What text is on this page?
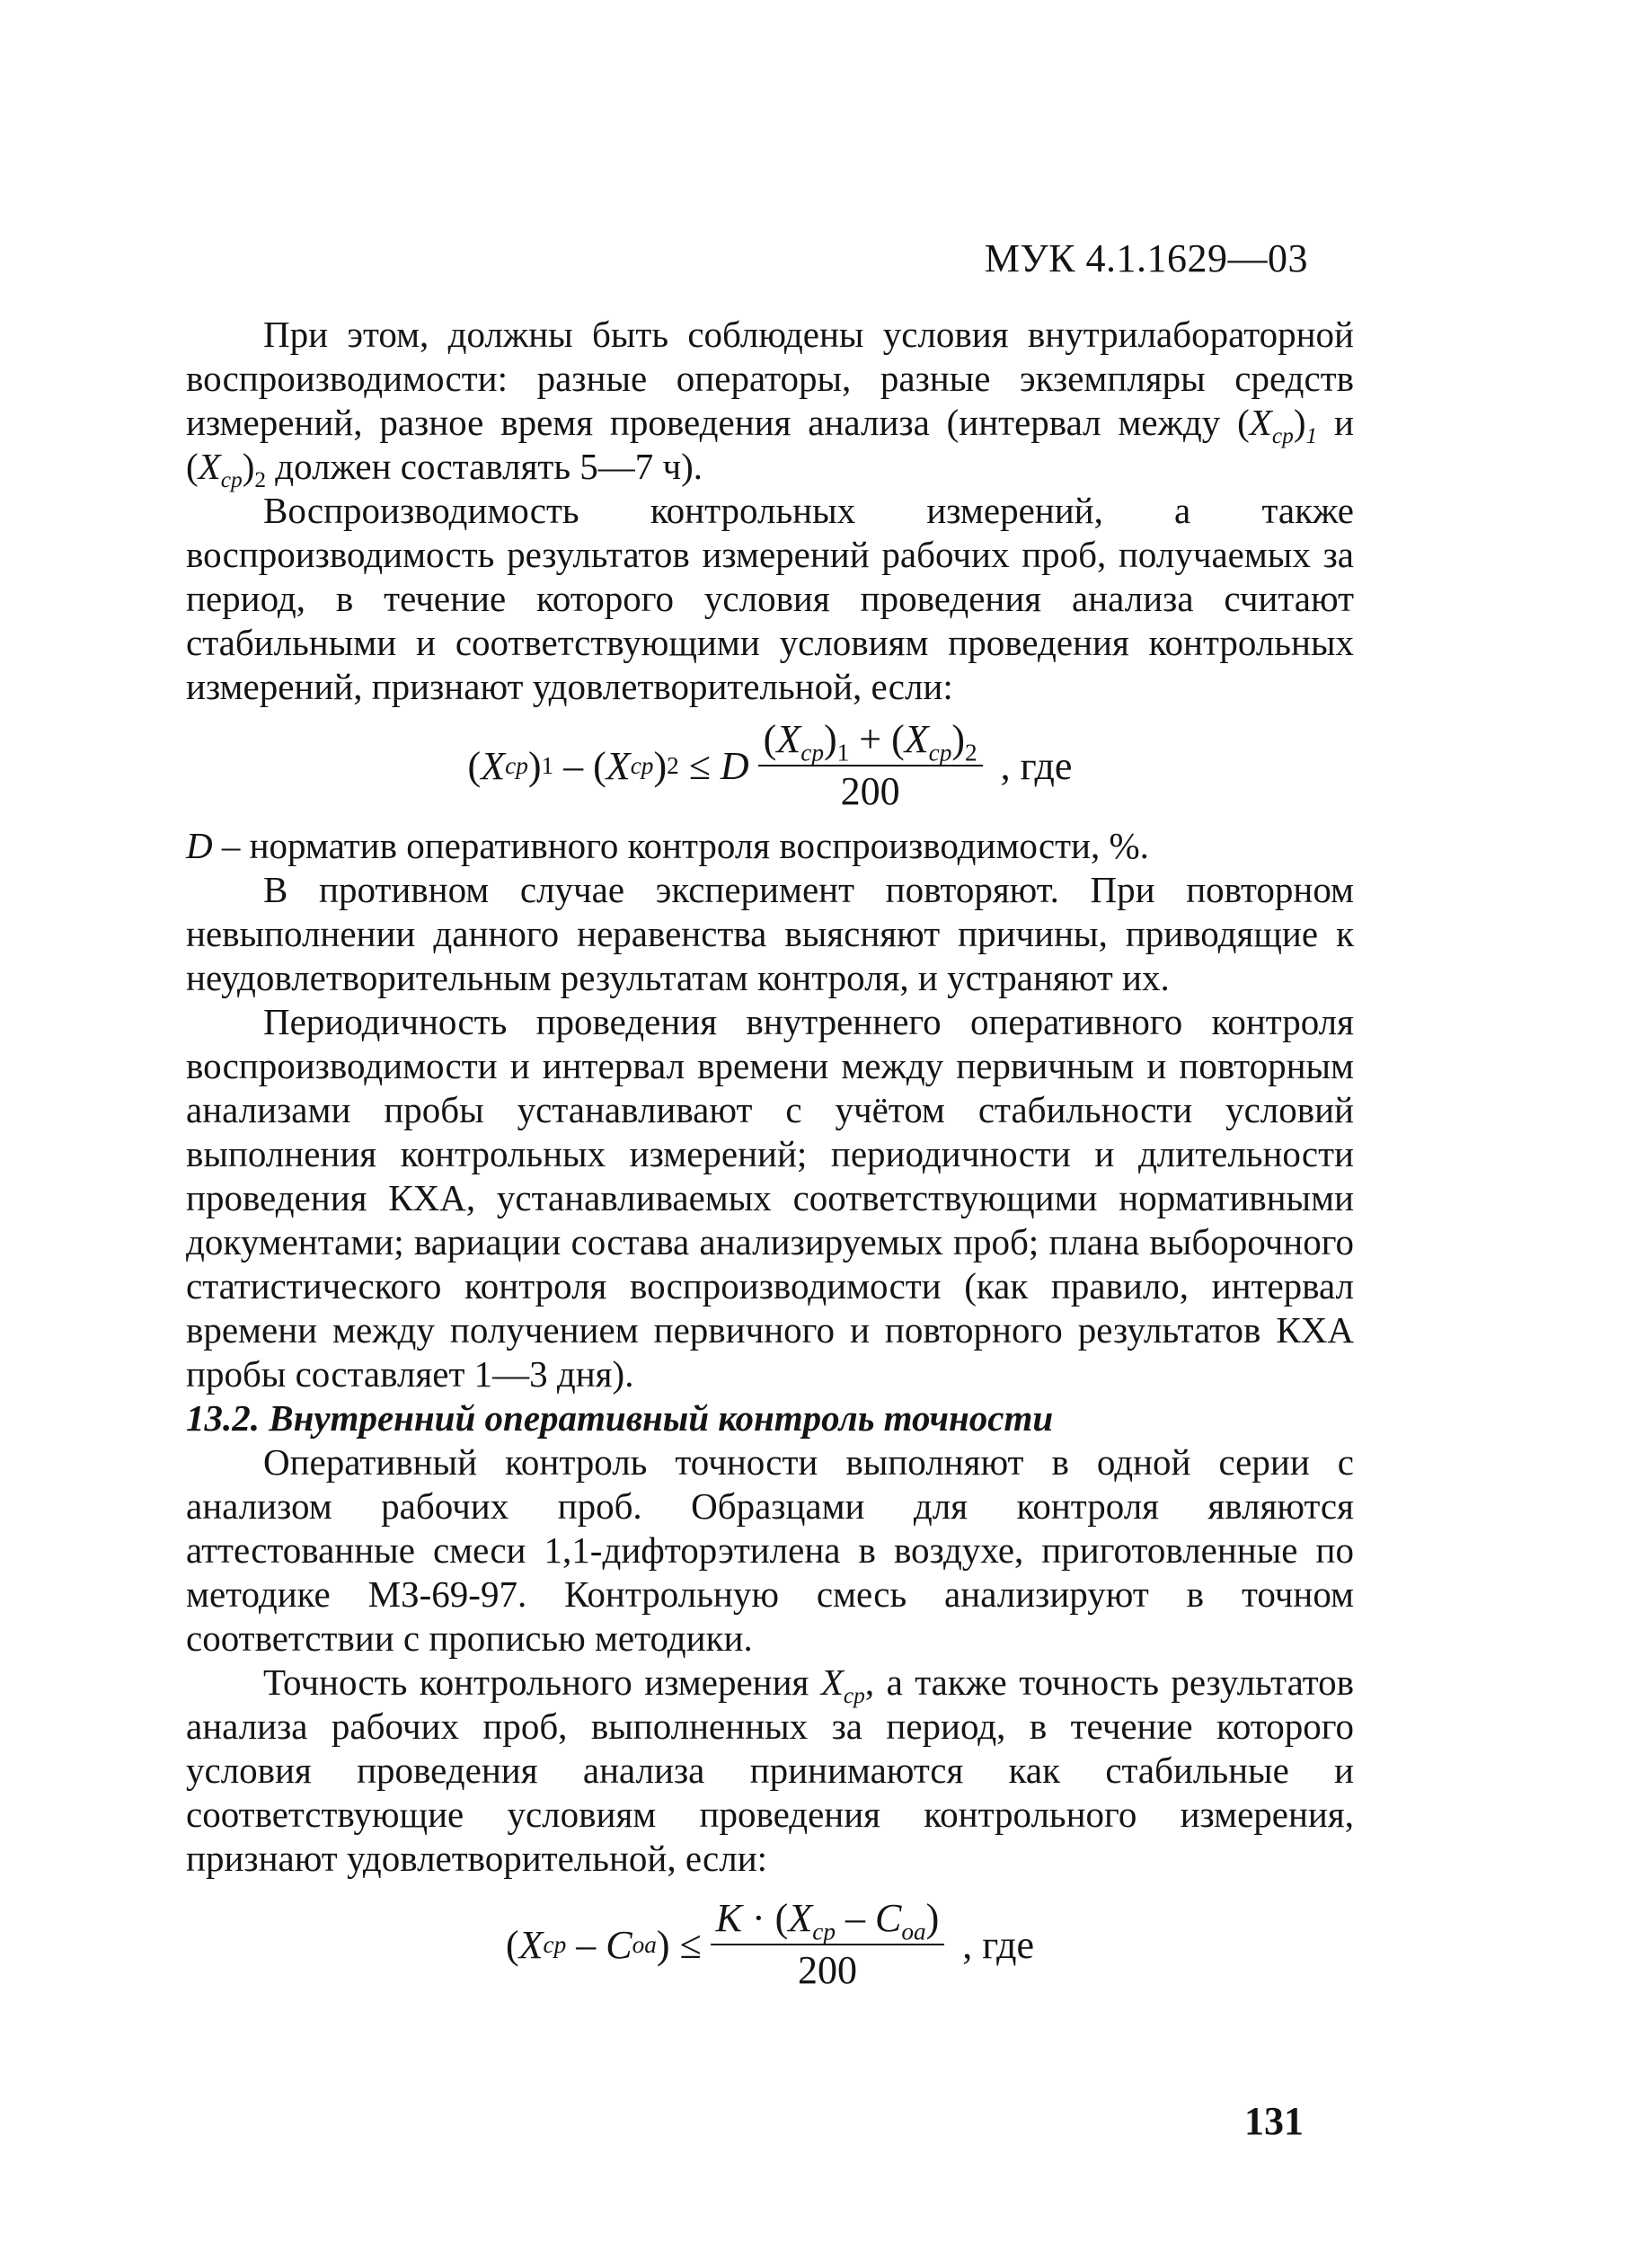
МУК 4.1.1629—03

При этом, должны быть соблюдены условия внутрилабораторной воспроизводимости: разные операторы, разные экземпляры средств измерений, разное время проведения анализа (интервал между $(X_{cp})_1$ и $(X_{cp})_2$ должен составлять 5—7 ч).

Воспроизводимость контрольных измерений, а также воспроизводимость результатов измерений рабочих проб, получаемых за период, в течение которого условия проведения анализа считают стабильными и соответствующими условиям проведения контрольных измерений, признают удовлетворительной, если:

( X cp ) 1 – ( X cp ) 2 ≤ D $\frac{(X_{cp})_1 + (X_{cp})_2}{200}$ , где

D – норматив оперативного контроля воспроизводимости, %.

В противном случае эксперимент повторяют. При повторном невыполнении данного неравенства выясняют причины, приводящие к неудовлетворительным результатам контроля, и устраняют их.

Периодичность проведения внутреннего оперативного контроля воспроизводимости и интервал времени между первичным и повторным анализами пробы устанавливают с учётом стабильности условий выполнения контрольных измерений; периодичности и длительности проведения КХА, устанавливаемых соответствующими нормативными документами; вариации состава анализируемых проб; плана выборочного статистического контроля воспроизводимости (как правило, интервал времени между получением первичного и повторного результатов КХА пробы составляет 1—3 дня).

13.2. Внутренний оперативный контроль точности

Оперативный контроль точности выполняют в одной серии с анализом рабочих проб. Образцами для контроля являются аттестованные смеси 1,1-дифторэтилена в воздухе, приготовленные по методике МЗ-69-97. Контрольную смесь анализируют в точном соответствии с прописью методики.

Точность контрольного измерения $X_{cp}$, а также точность результатов анализа рабочих проб, выполненных за период, в течение которого условия проведения анализа принимаются как стабильные и соответствующие условиям проведения контрольного измерения, признают удовлетворительной, если:

( X cp – C oa ) ≤ $\frac{K \cdot (X_{cp} - C_{oa})}{200}$ , где
131
